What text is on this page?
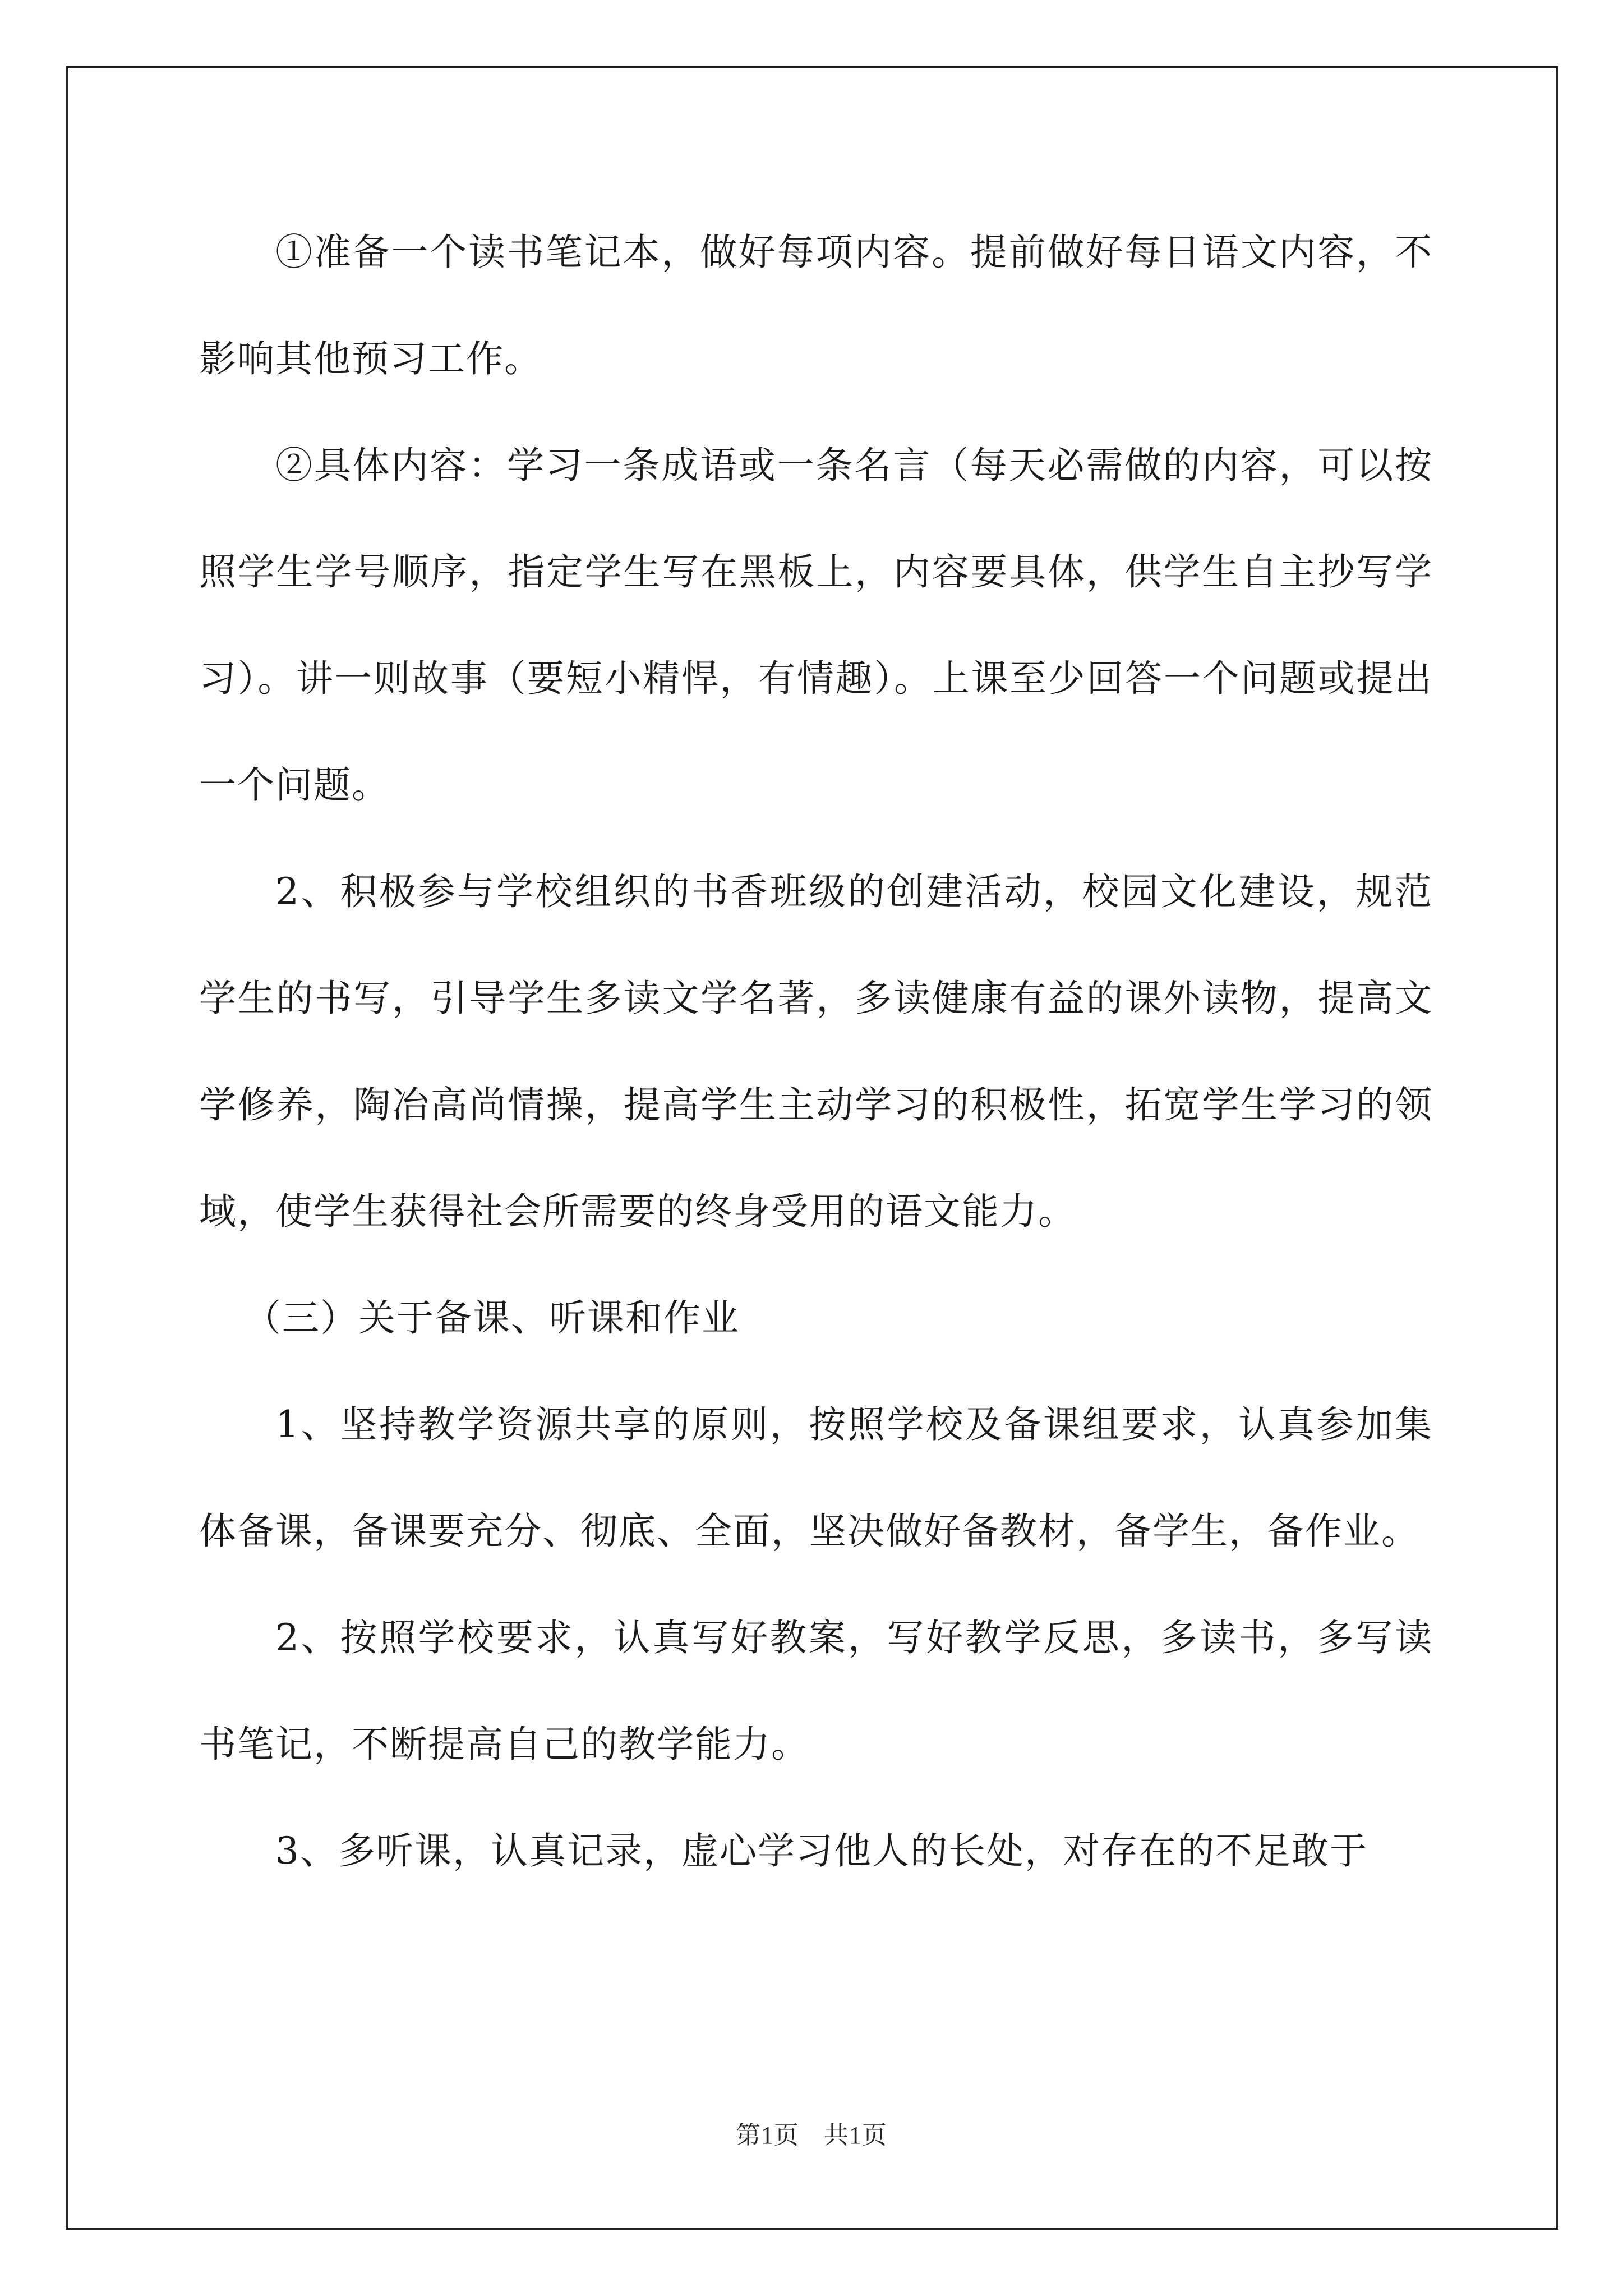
①准备一个读书笔记本，做好每项内容。提前做好每日语文内容，不影响其他预习工作。

②具体内容：学习一条成语或一条名言（每天必需做的内容，可以按照学生学号顺序，指定学生写在黑板上，内容要具体，供学生自主抄写学习）。讲一则故事（要短小精悍，有情趣）。上课至少回答一个问题或提出一个问题。

2、积极参与学校组织的书香班级的创建活动，校园文化建设，规范学生的书写，引导学生多读文学名著，多读健康有益的课外读物，提高文学修养，陶冶高尚情操，提高学生主动学习的积极性，拓宽学生学习的领域，使学生获得社会所需要的终身受用的语文能力。

（三）关于备课、听课和作业

1、坚持教学资源共享的原则，按照学校及备课组要求，认真参加集体备课，备课要充分、彻底、全面，坚决做好备教材，备学生，备作业。

2、按照学校要求，认真写好教案，写好教学反思，多读书，多写读书笔记，不断提高自己的教学能力。

3、多听课，认真记录，虚心学习他人的长处，对存在的不足敢于

第1页 共1页
